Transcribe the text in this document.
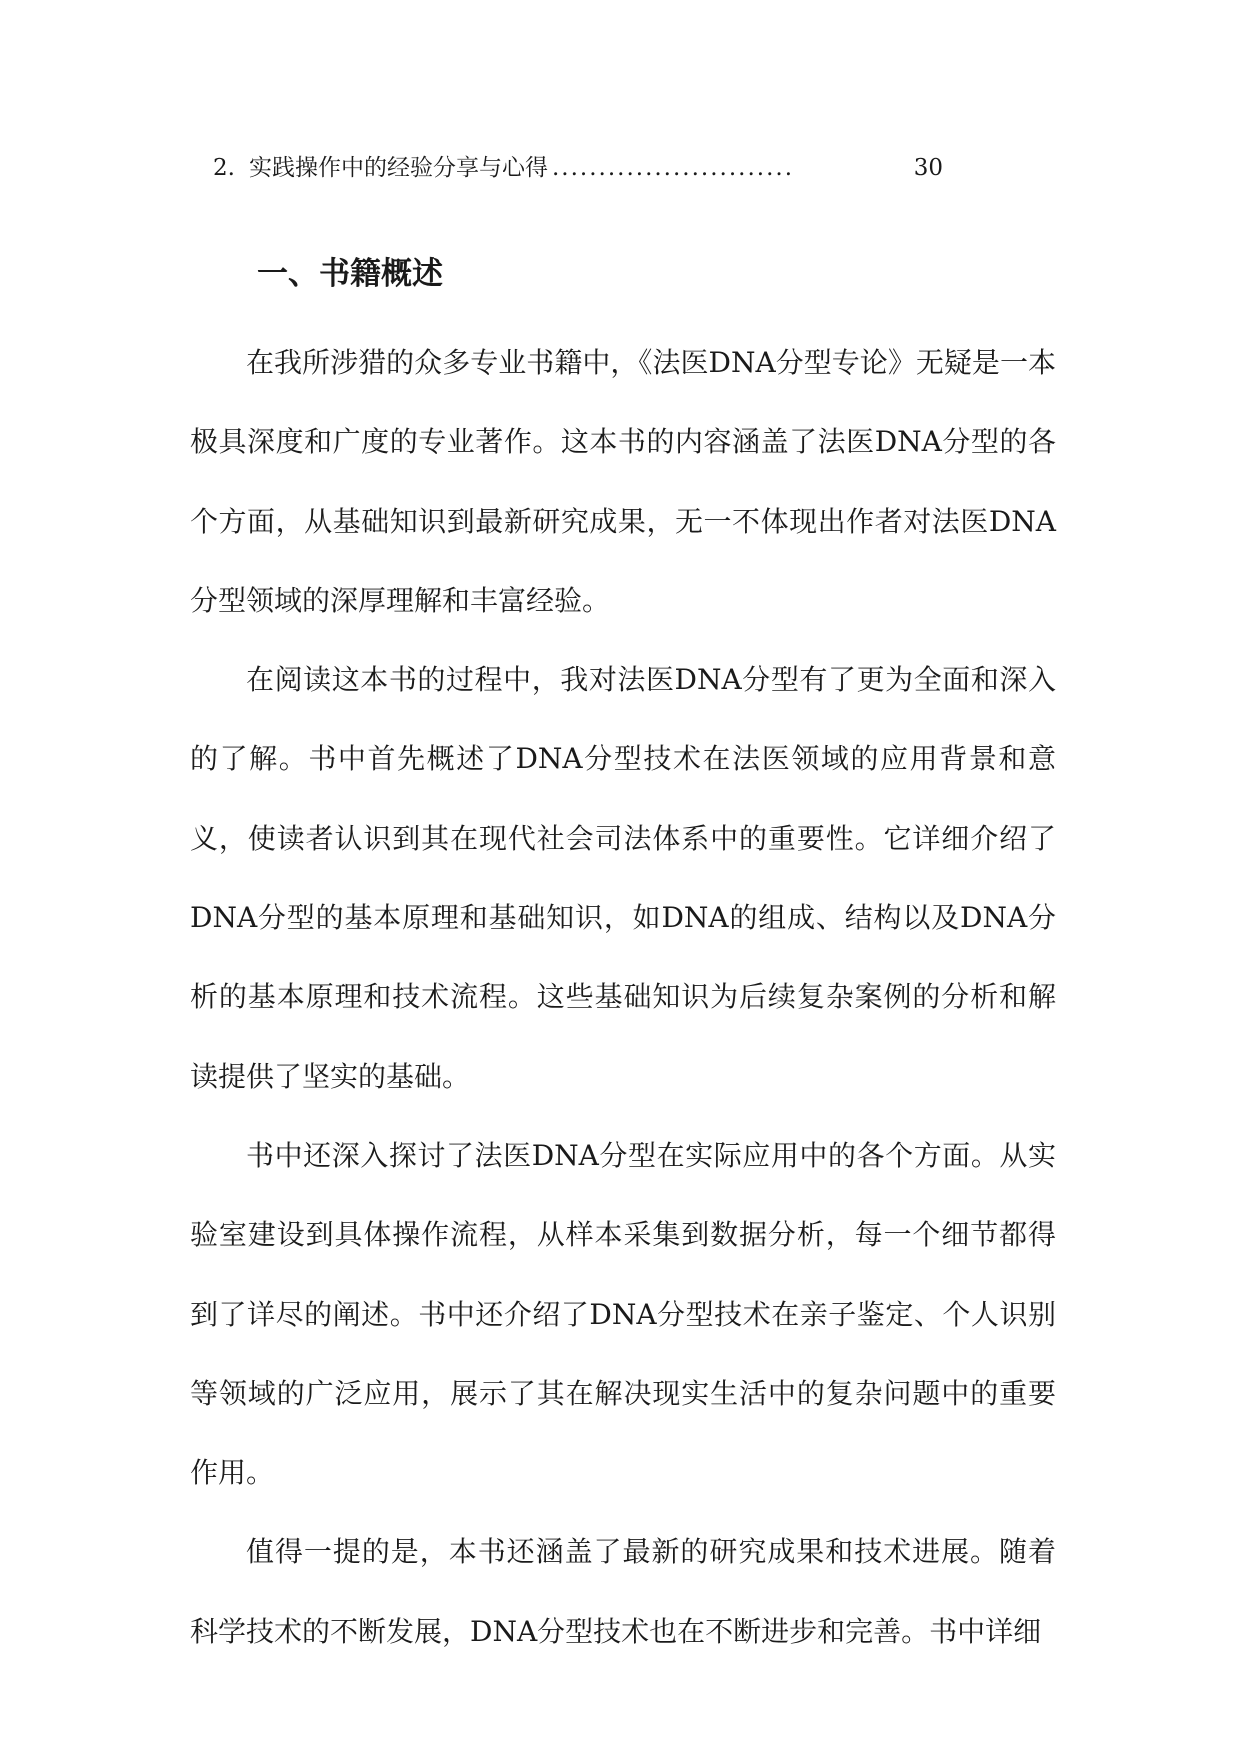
2. 实践操作中的经验分享与心得 ..........................	30
一、书籍概述

在我所涉猎的众多专业书籍中，《法医DNA分型专论》无疑是一本极具深度和广度的专业著作。这本书的内容涵盖了法医DNA分型的各个方面，从基础知识到最新研究成果，无一不体现出作者对法医DNA分型领域的深厚理解和丰富经验。

在阅读这本书的过程中，我对法医DNA分型有了更为全面和深入的了解。书中首先概述了DNA分型技术在法医领域的应用背景和意义，使读者认识到其在现代社会司法体系中的重要性。它详细介绍了DNA分型的基本原理和基础知识，如DNA的组成、结构以及DNA分析的基本原理和技术流程。这些基础知识为后续复杂案例的分析和解读提供了坚实的基础。

书中还深入探讨了法医DNA分型在实际应用中的各个方面。从实验室建设到具体操作流程，从样本采集到数据分析，每一个细节都得到了详尽的阐述。书中还介绍了DNA分型技术在亲子鉴定、个人识别等领域的广泛应用，展示了其在解决现实生活中的复杂问题中的重要作用。

值得一提的是，本书还涵盖了最新的研究成果和技术进展。随着科学技术的不断发展，DNA分型技术也在不断进步和完善。书中详细
